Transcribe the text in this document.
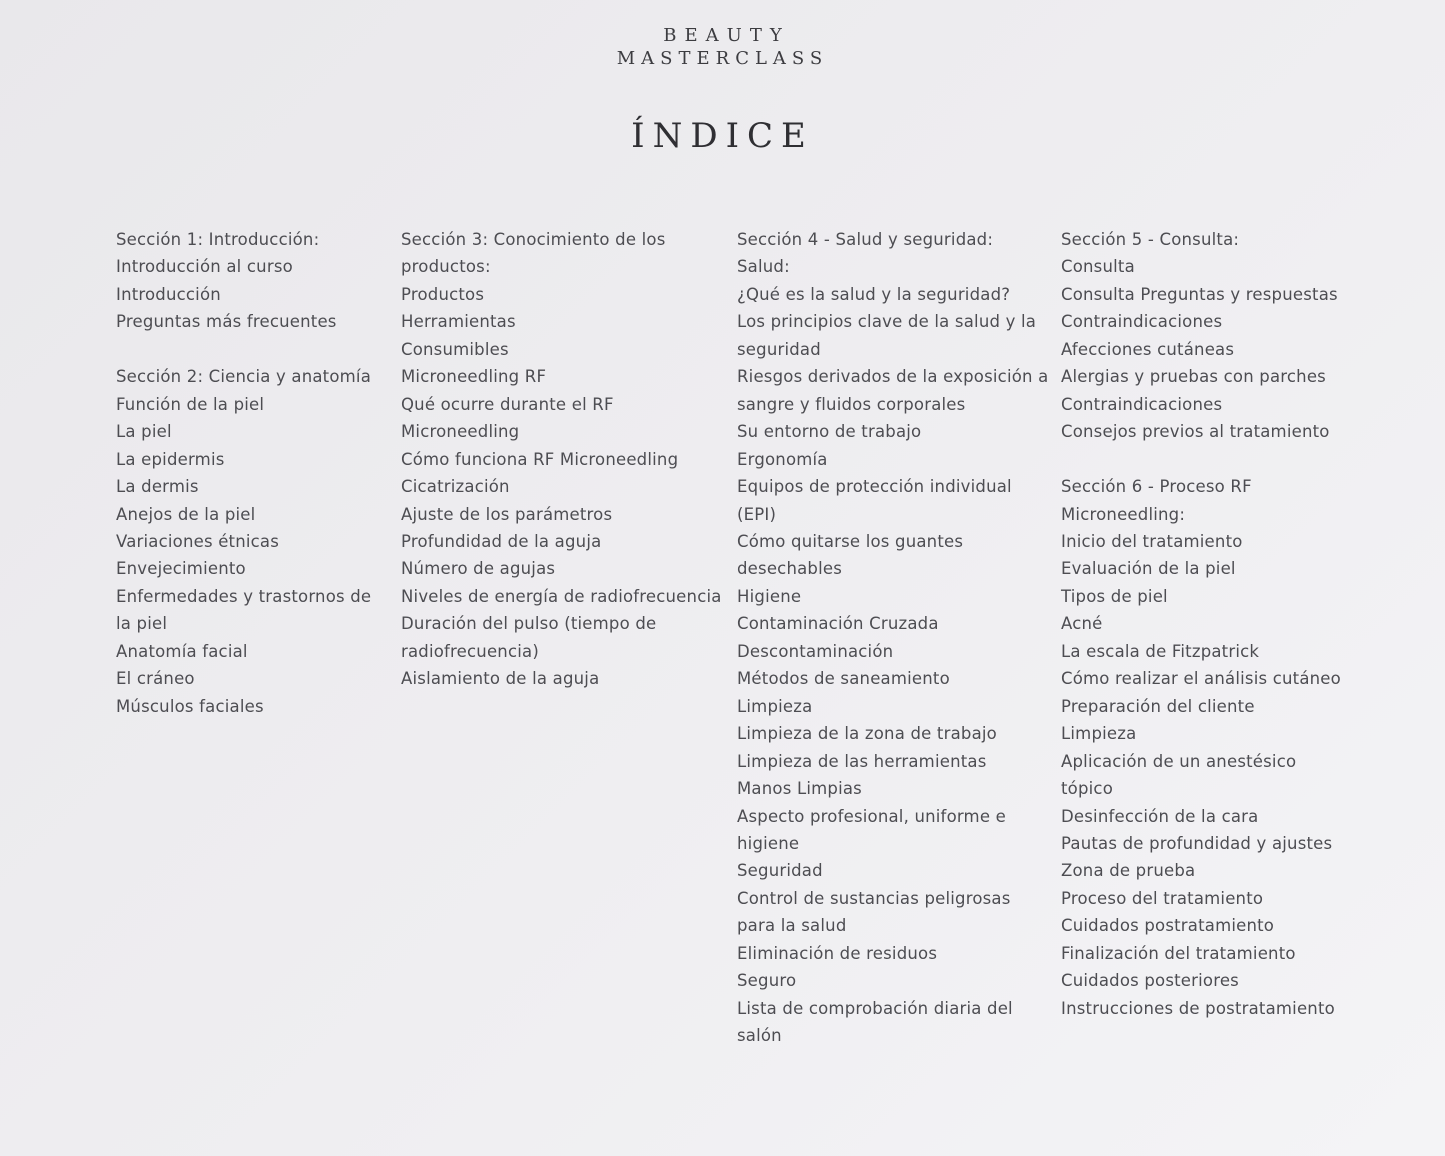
BEAUTY
MASTERCLASS
ÍNDICE
Sección 1: Introducción:
Introducción al curso
Introducción
Preguntas más frecuentes
Sección 2: Ciencia y anatomía
Función de la piel
La piel
La epidermis
La dermis
Anejos de la piel
Variaciones étnicas
Envejecimiento
Enfermedades y trastornos de
la piel
Anatomía facial
El cráneo
Músculos faciales
Sección 3: Conocimiento de los
productos:
Productos
Herramientas
Consumibles
Microneedling RF
Qué ocurre durante el RF
Microneedling
Cómo funciona RF Microneedling
Cicatrización
Ajuste de los parámetros
Profundidad de la aguja
Número de agujas
Niveles de energía de radiofrecuencia
Duración del pulso (tiempo de
radiofrecuencia)
Aislamiento de la aguja
Sección 4 - Salud y seguridad:
Salud:
¿Qué es la salud y la seguridad?
Los principios clave de la salud y la
seguridad
Riesgos derivados de la exposición a
sangre y fluidos corporales
Su entorno de trabajo
Ergonomía
Equipos de protección individual
(EPI)
Cómo quitarse los guantes
desechables
Higiene
Contaminación Cruzada
Descontaminación
Métodos de saneamiento
Limpieza
Limpieza de la zona de trabajo
Limpieza de las herramientas
Manos Limpias
Aspecto profesional, uniforme e
higiene
Seguridad
Control de sustancias peligrosas
para la salud
Eliminación de residuos
Seguro
Lista de comprobación diaria del
salón
Sección 5 - Consulta:
Consulta
Consulta Preguntas y respuestas
Contraindicaciones
Afecciones cutáneas
Alergias y pruebas con parches
Contraindicaciones
Consejos previos al tratamiento
Sección 6 - Proceso RF
Microneedling:
Inicio del tratamiento
Evaluación de la piel
Tipos de piel
Acné
La escala de Fitzpatrick
Cómo realizar el análisis cutáneo
Preparación del cliente
Limpieza
Aplicación de un anestésico
tópico
Desinfección de la cara
Pautas de profundidad y ajustes
Zona de prueba
Proceso del tratamiento
Cuidados postratamiento
Finalización del tratamiento
Cuidados posteriores
Instrucciones de postratamiento
